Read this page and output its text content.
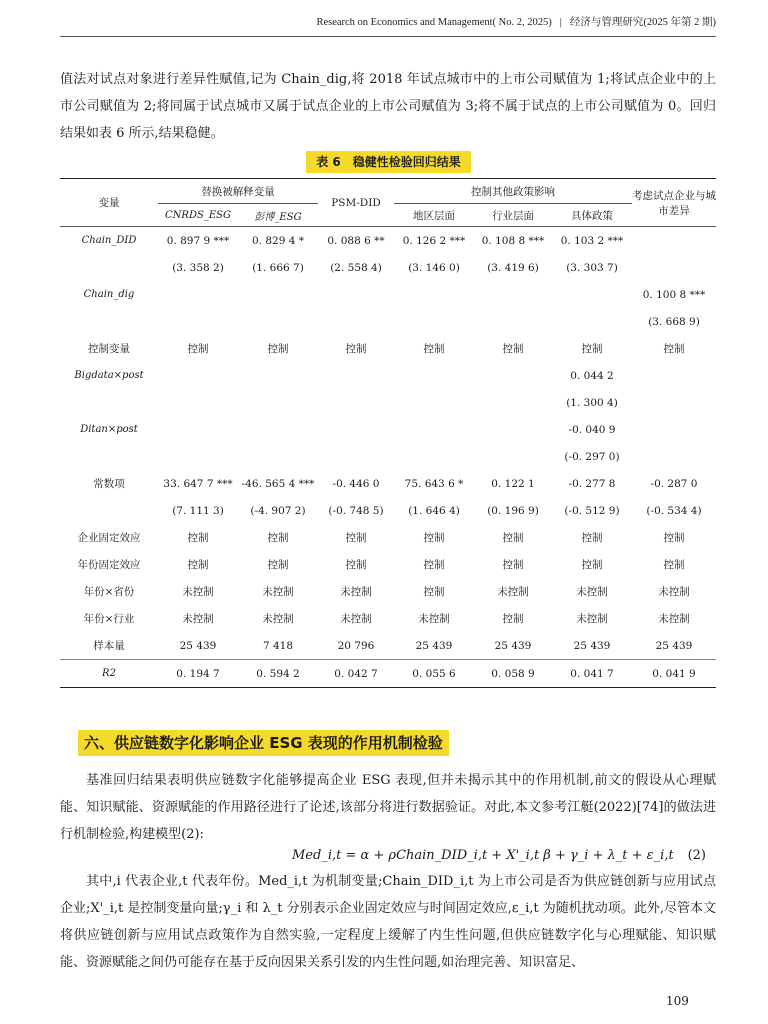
Research on Economics and Management( No. 2, 2025) | 经济与管理研究(2025 年第 2 期)
值法对试点对象进行差异性赋值,记为 Chain_dig,将 2018 年试点城市中的上市公司赋值为 1;将试点企业中的上市公司赋值为 2;将同属于试点城市又属于试点企业的上市公司赋值为 3;将不属于试点的上市公司赋值为 0。回归结果如表 6 所示,结果稳健。
表 6　稳健性检验回归结果
变量	替换被解释变量		PSM-DID	控制其他政策影响			考虑试点企业与城市差异
	CNRDS_ESG	彭博_ESG		地区层面	行业层面	具体政策	
Chain_DID	0. 897 9 ***	0. 829 4 *	0. 088 6 **	0. 126 2 ***	0. 108 8 ***	0. 103 2 ***	
	(3. 358 2)	(1. 666 7)	(2. 558 4)	(3. 146 0)	(3. 419 6)	(3. 303 7)	
Chain_dig							0. 100 8 ***
							(3. 668 9)
控制变量	控制	控制	控制	控制	控制	控制	控制
Bigdata×post						0. 044 2	
						(1. 300 4)	
Ditan×post						-0. 040 9	
						(-0. 297 0)	
常数项	33. 647 7 ***	-46. 565 4 ***	-0. 446 0	75. 643 6 *	0. 122 1	-0. 277 8	-0. 287 0
	(7. 111 3)	(-4. 907 2)	(-0. 748 5)	(1. 646 4)	(0. 196 9)	(-0. 512 9)	(-0. 534 4)
企业固定效应	控制	控制	控制	控制	控制	控制	控制
年份固定效应	控制	控制	控制	控制	控制	控制	控制
年份×省份	未控制	未控制	未控制	控制	未控制	未控制	未控制
年份×行业	未控制	未控制	未控制	未控制	控制	未控制	未控制
样本量	25 439	7 418	20 796	25 439	25 439	25 439	25 439
R2	0. 194 7	0. 594 2	0. 042 7	0. 055 6	0. 058 9	0. 041 7	0. 041 9
六、供应链数字化影响企业 ESG 表现的作用机制检验
基准回归结果表明供应链数字化能够提高企业 ESG 表现,但并未揭示其中的作用机制,前文的假设从心理赋能、知识赋能、资源赋能的作用路径进行了论述,该部分将进行数据验证。对此,本文参考江艇(2022)[74]的做法进行机制检验,构建模型(2):
Med_i,t = α + ρChain_DID_i,t + X'_i,t β + γ_i + λ_t + ε_i,t (2)
其中,i 代表企业,t 代表年份。Med_i,t 为机制变量;Chain_DID_i,t 为上市公司是否为供应链创新与应用试点企业;X'_i,t 是控制变量向量;γ_i 和 λ_t 分别表示企业固定效应与时间固定效应,ε_i,t 为随机扰动项。此外,尽管本文将供应链创新与应用试点政策作为自然实验,一定程度上缓解了内生性问题,但供应链数字化与心理赋能、知识赋能、资源赋能之间仍可能存在基于反向因果关系引发的内生性问题,如治理完善、知识富足、
109
